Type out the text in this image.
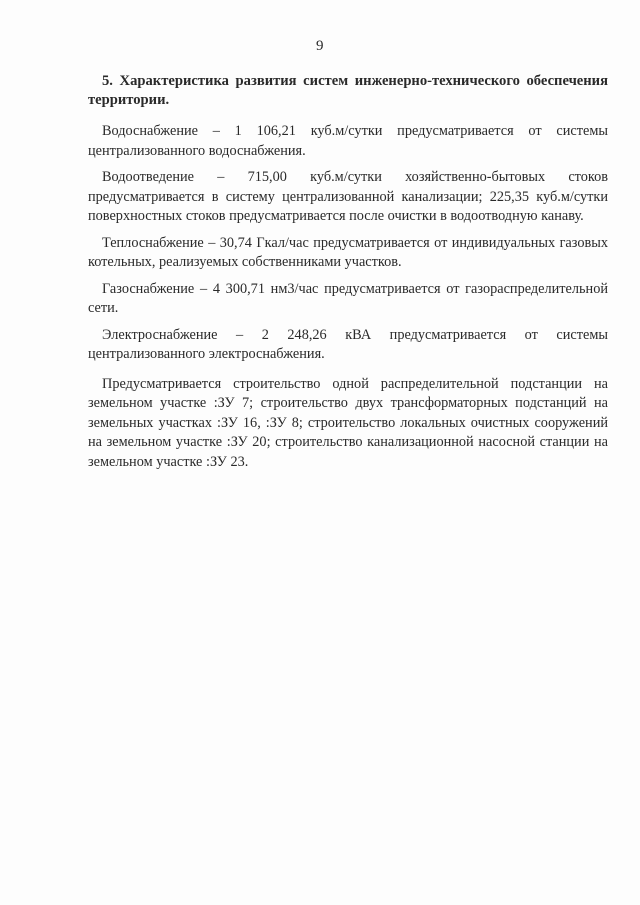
9

5. Характеристика развития систем инженерно-технического обеспечения территории.

Водоснабжение – 1 106,21 куб.м/сутки предусматривается от системы централизованного водоснабжения.

Водоотведение – 715,00 куб.м/сутки хозяйственно-бытовых стоков предусматривается в систему централизованной канализации; 225,35 куб.м/сутки поверхностных стоков предусматривается после очистки в водоотводную канаву.

Теплоснабжение – 30,74 Гкал/час предусматривается от индивидуальных газовых котельных, реализуемых собственниками участков.

Газоснабжение – 4 300,71 нм3/час предусматривается от газораспределительной сети.

Электроснабжение – 2 248,26 кВА предусматривается от системы централизованного электроснабжения.

Предусматривается строительство одной распределительной подстанции на земельном участке :ЗУ 7; строительство двух трансформаторных подстанций на земельных участках :ЗУ 16, :ЗУ 8; строительство локальных очистных сооружений на земельном участке :ЗУ 20; строительство канализационной насосной станции на земельном участке :ЗУ 23.
